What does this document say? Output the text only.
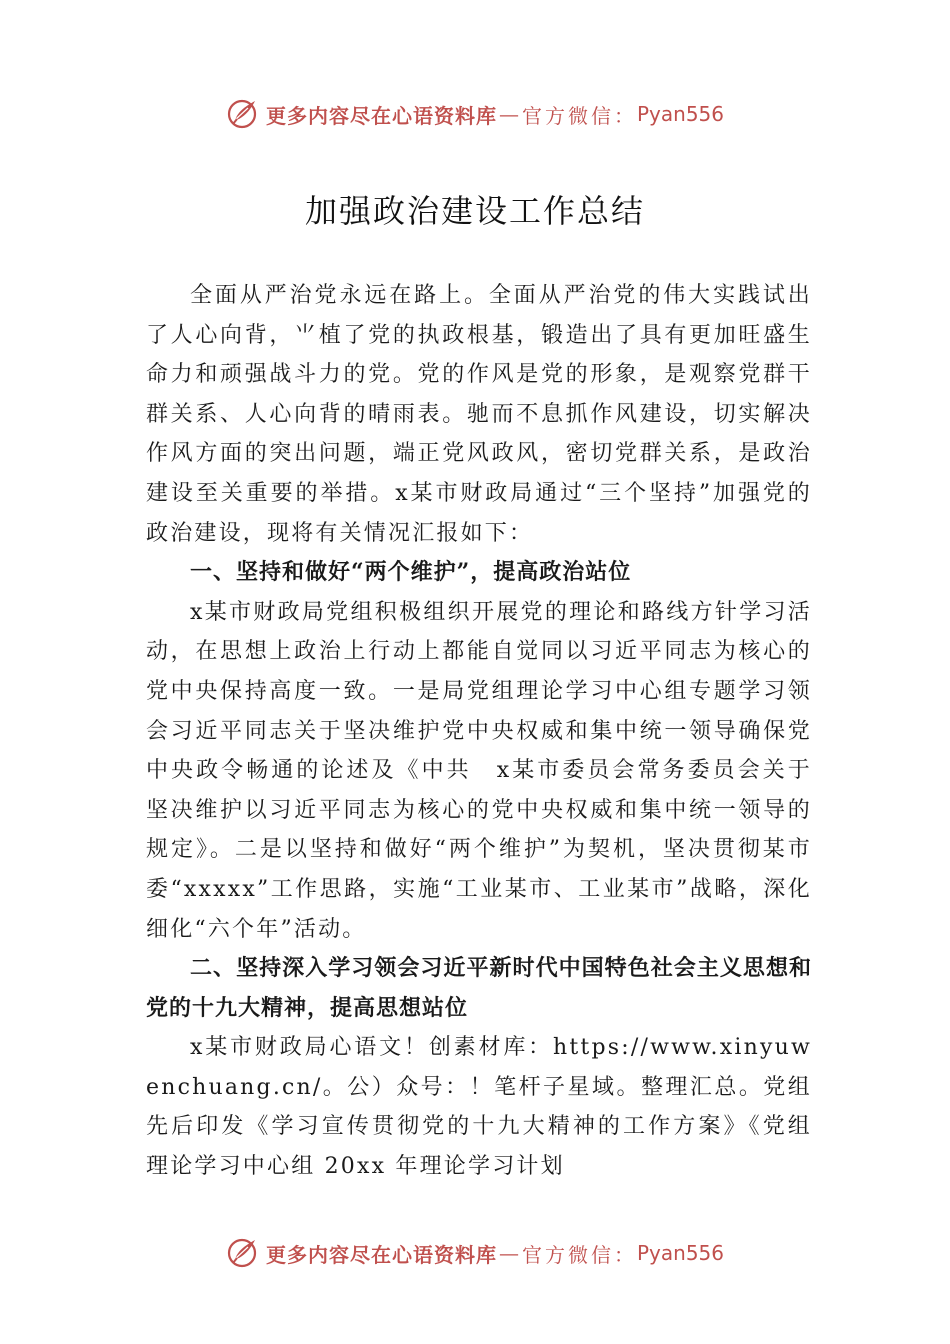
更多内容尽在心语资料库 — 官方微信： Pyan556
加强政治建设工作总结

全面从严治党永远在路上。全面从严治党的伟大实践试出了人心向背，⺌植了党的执政根基，锻造出了具有更加旺盛生命力和顽强战斗力的党。党的作风是党的形象，是观察党群干群关系、人心向背的晴雨表。驰而不息抓作风建设，切实解决作风方面的突出问题，端正党风政风，密切党群关系，是政治建设至关重要的举措。x某市财政局通过“三个坚持”加强党的政治建设，现将有关情况汇报如下：

一、坚持和做好“两个维护”，提高政治站位

x某市财政局党组积极组织开展党的理论和路线方针学习活动，在思想上政治上行动上都能自觉同以习近平同志为核心的党中央保持高度一致。一是局党组理论学习中心组专题学习领会习近平同志关于坚决维护党中央权威和集中统一领导确保党中央政令畅通的论述及《中共　x某市委员会常务委员会关于坚决维护以习近平同志为核心的党中央权威和集中统一领导的规定》。二是以坚持和做好“两个维护”为契机，坚决贯彻某市委“xxxxx”工作思路，实施“工业某市、工业某市”战略，深化细化“六个年”活动。

二、坚持深入学习领会习近平新时代中国特色社会主义思想和党的十九大精神，提高思想站位

x某市财政局心语文！创素材库：https://www.xinyuwenchuang.cn/。公）众号：！笔杆子星域。整理汇总。党组先后印发《学习宣传贯彻党的十九大精神的工作方案》《党组理论学习中心组 20xx 年理论学习计划

更多内容尽在心语资料库 — 官方微信： Pyan556
